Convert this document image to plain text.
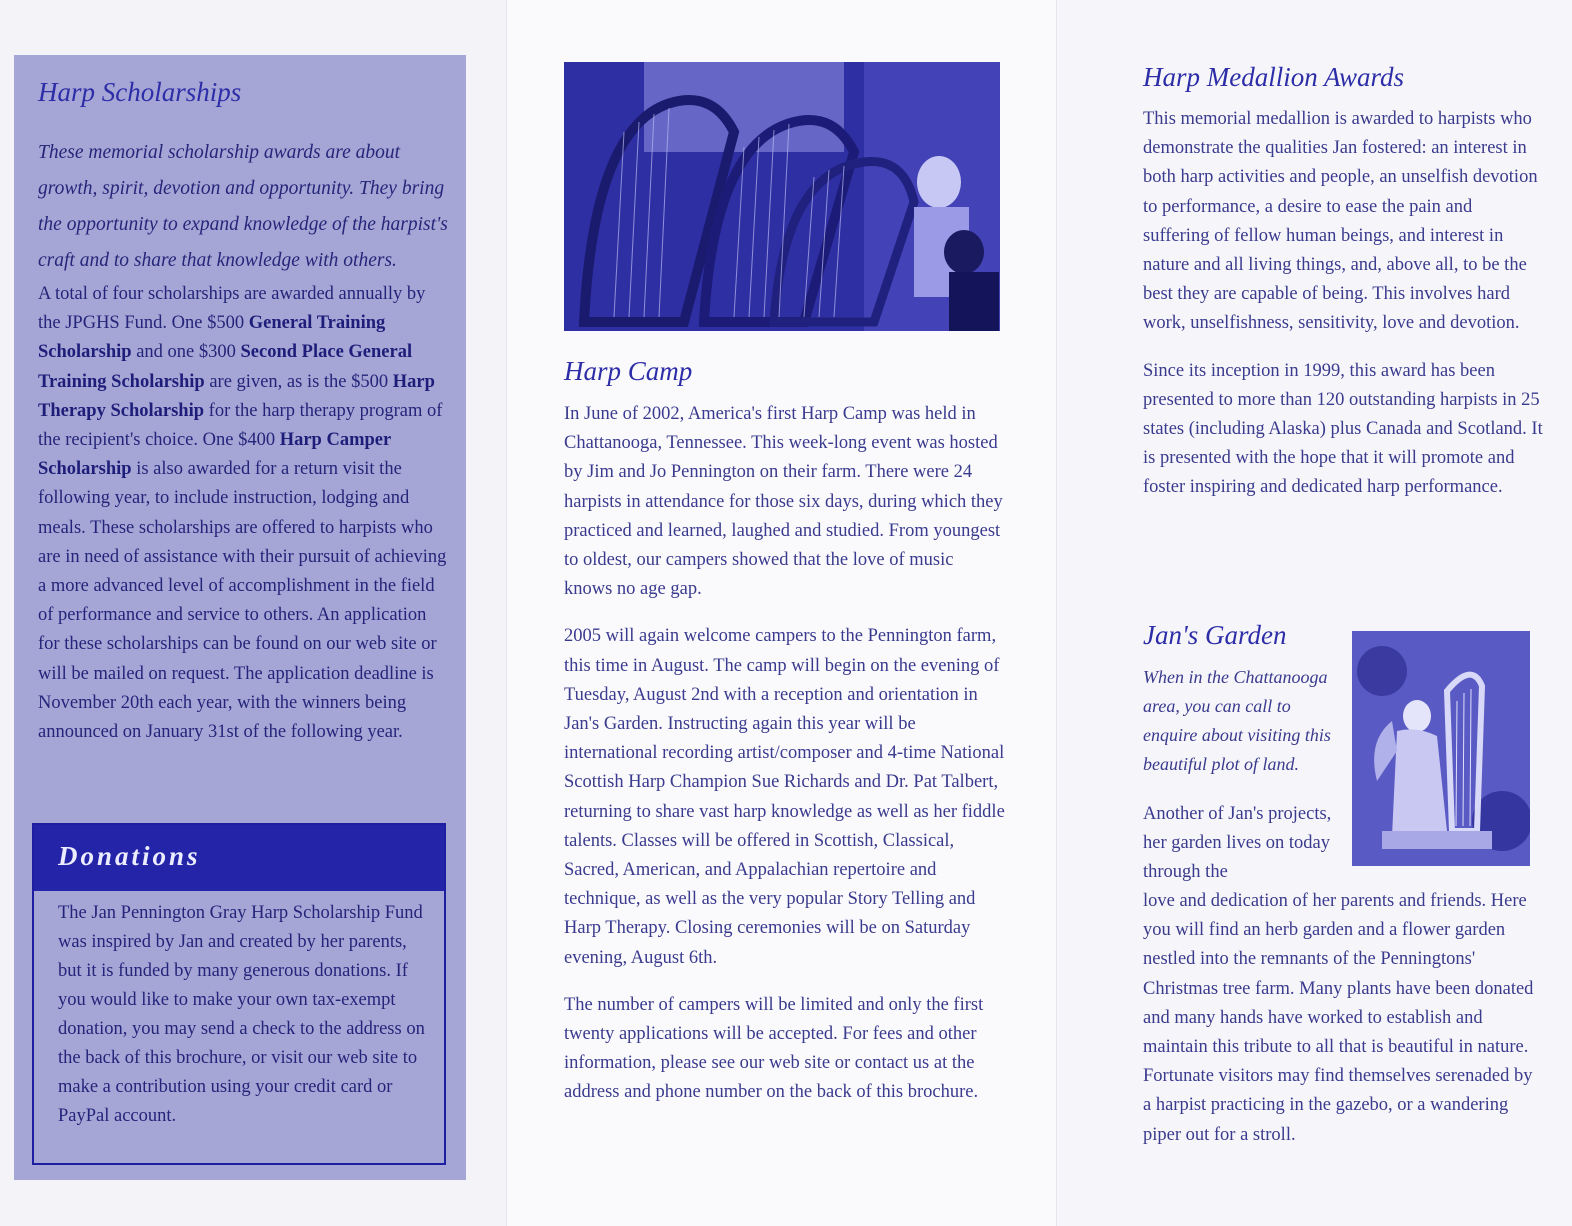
Harp Scholarships
These memorial scholarship awards are about growth, spirit, devotion and opportunity. They bring the opportunity to expand knowledge of the harpist's craft and to share that knowledge with others.
A total of four scholarships are awarded annually by the JPGHS Fund. One $500 General Training Scholarship and one $300 Second Place General Training Scholarship are given, as is the $500 Harp Therapy Scholarship for the harp therapy program of the recipient's choice. One $400 Harp Camper Scholarship is also awarded for a return visit the following year, to include instruction, lodging and meals. These scholarships are offered to harpists who are in need of assistance with their pursuit of achieving a more advanced level of accomplishment in the field of performance and service to others. An application for these scholarships can be found on our web site or will be mailed on request. The application deadline is November 20th each year, with the winners being announced on January 31st of the following year.
Donations
The Jan Pennington Gray Harp Scholarship Fund was inspired by Jan and created by her parents, but it is funded by many generous donations. If you would like to make your own tax-exempt donation, you may send a check to the address on the back of this brochure, or visit our web site to make a contribution using your credit card or PayPal account.
Harp Camp

In June of 2002, America's first Harp Camp was held in Chattanooga, Tennessee. This week-long event was hosted by Jim and Jo Pennington on their farm. There were 24 harpists in attendance for those six days, during which they practiced and learned, laughed and studied. From youngest to oldest, our campers showed that the love of music knows no age gap.

2005 will again welcome campers to the Pennington farm, this time in August. The camp will begin on the evening of Tuesday, August 2nd with a reception and orientation in Jan's Garden. Instructing again this year will be international recording artist/composer and 4-time National Scottish Harp Champion Sue Richards and Dr. Pat Talbert, returning to share vast harp knowledge as well as her fiddle talents. Classes will be offered in Scottish, Classical, Sacred, American, and Appalachian repertoire and technique, as well as the very popular Story Telling and Harp Therapy. Closing ceremonies will be on Saturday evening, August 6th.

The number of campers will be limited and only the first twenty applications will be accepted. For fees and other information, please see our web site or contact us at the address and phone number on the back of this brochure.

Harp Medallion Awards

This memorial medallion is awarded to harpists who demonstrate the qualities Jan fostered: an interest in both harp activities and people, an unselfish devotion to performance, a desire to ease the pain and suffering of fellow human beings, and interest in nature and all living things, and, above all, to be the best they are capable of being. This involves hard work, unselfishness, sensitivity, love and devotion.

Since its inception in 1999, this award has been presented to more than 120 outstanding harpists in 25 states (including Alaska) plus Canada and Scotland. It is presented with the hope that it will promote and foster inspiring and dedicated harp performance.

Jan's Garden
When in the Chattanooga area, you can call to enquire about visiting this beautiful plot of land.
Another of Jan's projects, her garden lives on today through the
love and dedication of her parents and friends. Here you will find an herb garden and a flower garden nestled into the remnants of the Penningtons' Christmas tree farm. Many plants have been donated and many hands have worked to establish and maintain this tribute to all that is beautiful in nature. Fortunate visitors may find themselves serenaded by a harpist practicing in the gazebo, or a wandering piper out for a stroll.
